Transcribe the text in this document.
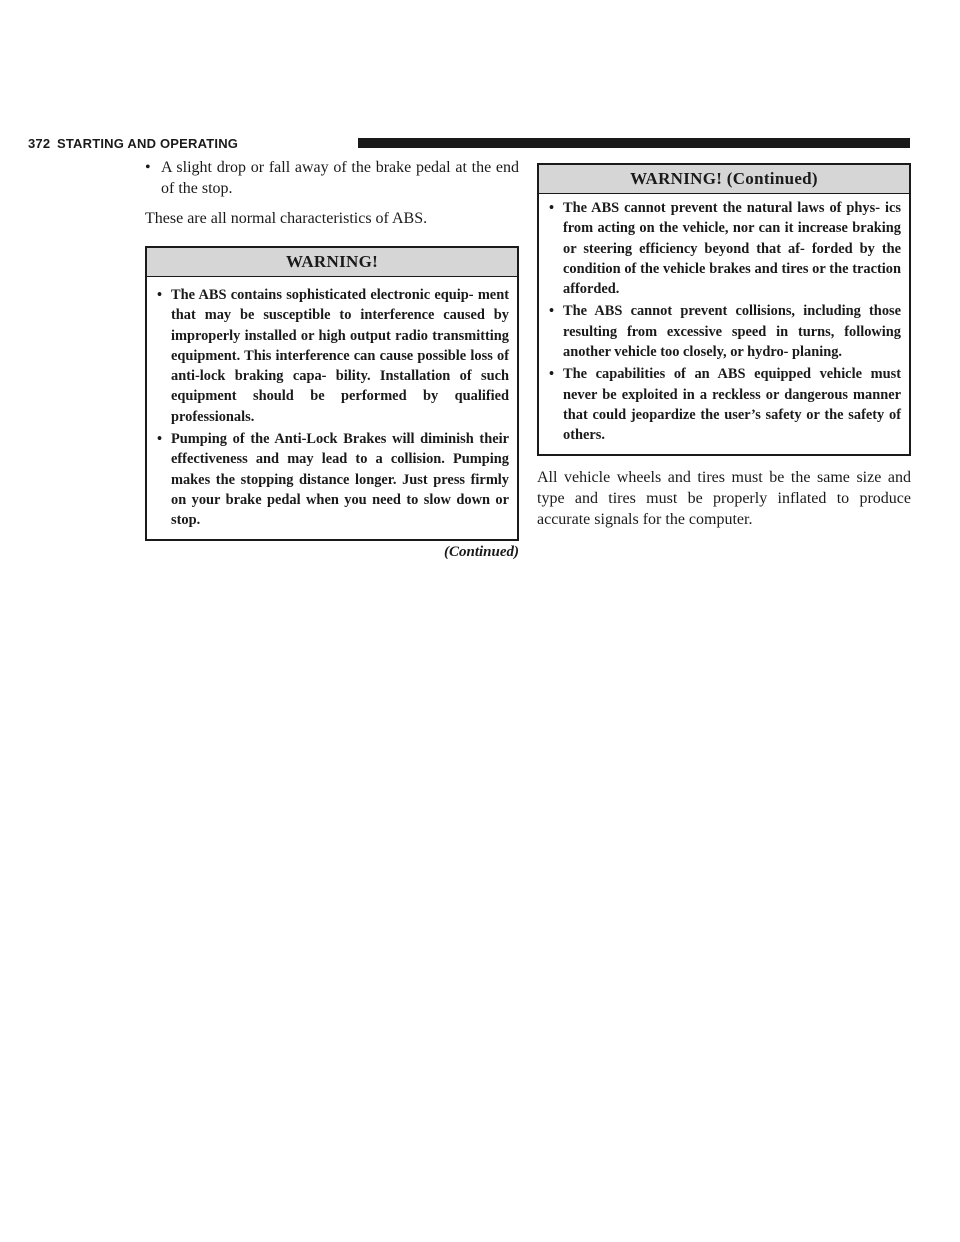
372 STARTING AND OPERATING

• A slight drop or fall away of the brake pedal at the end of the stop.

These are all normal characteristics of ABS.

WARNING!
• The ABS contains sophisticated electronic equip- ment that may be susceptible to interference caused by improperly installed or high output radio transmitting equipment. This interference can cause possible loss of anti-lock braking capa- bility. Installation of such equipment should be performed by qualified professionals.
• Pumping of the Anti-Lock Brakes will diminish their effectiveness and may lead to a collision. Pumping makes the stopping distance longer. Just press firmly on your brake pedal when you need to slow down or stop.
(Continued)
WARNING! (Continued)
• The ABS cannot prevent the natural laws of phys- ics from acting on the vehicle, nor can it increase braking or steering efficiency beyond that af- forded by the condition of the vehicle brakes and tires or the traction afforded.
• The ABS cannot prevent collisions, including those resulting from excessive speed in turns, following another vehicle too closely, or hydro- planing.
• The capabilities of an ABS equipped vehicle must never be exploited in a reckless or dangerous manner that could jeopardize the user’s safety or the safety of others.

All vehicle wheels and tires must be the same size and type and tires must be properly inflated to produce accurate signals for the computer.
